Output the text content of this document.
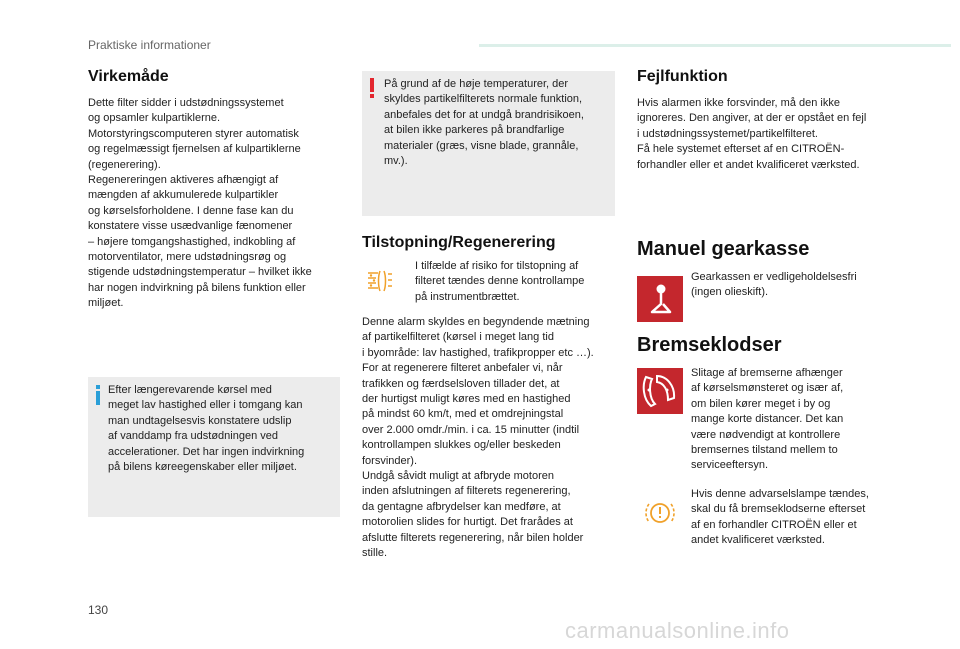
Praktiske informationer
Virkemåde
Dette filter sidder i udstødningssystemet
og opsamler kulpartiklerne.
Motorstyringscomputeren styrer automatisk
og regelmæssigt fjernelsen af kulpartiklerne
(regenerering).
Regenereringen aktiveres afhængigt af
mængden af akkumulerede kulpartikler
og kørselsforholdene. I denne fase kan du
konstatere visse usædvanlige fænomener
– højere tomgangshastighed, indkobling af
motorventilator, mere udstødningsrøg og
stigende udstødningstemperatur – hvilket ikke
har nogen indvirkning på bilens funktion eller
miljøet.
Efter længerevarende kørsel med
meget lav hastighed eller i tomgang kan
man undtagelsesvis konstatere udslip
af vanddamp fra udstødningen ved
accelerationer. Det har ingen indvirkning
på bilens køreegenskaber eller miljøet.
På grund af de høje temperaturer, der
skyldes partikelfilterets normale funktion,
anbefales det for at undgå brandrisikoen,
at bilen ikke parkeres på brandfarlige
materialer (græs, visne blade, grannåle,
mv.).
Tilstopning/Regenerering
I tilfælde af risiko for tilstopning af
filteret tændes denne kontrollampe
på instrumentbrættet.
Denne alarm skyldes en begyndende mætning
af partikelfilteret (kørsel i meget lang tid
i byområde: lav hastighed, trafikpropper etc …).
For at regenerere filteret anbefaler vi, når
trafikken og færdselsloven tillader det, at
der hurtigst muligt køres med en hastighed
på mindst 60 km/t, med et omdrejningstal
over 2.000 omdr./min. i ca. 15 minutter (indtil
kontrollampen slukkes og/eller beskeden
forsvinder).
Undgå såvidt muligt at afbryde motoren
inden afslutningen af filterets regenerering,
da gentagne afbrydelser kan medføre, at
motorolien slides for hurtigt. Det frarådes at
afslutte filterets regenerering, når bilen holder
stille.
Fejlfunktion
Hvis alarmen ikke forsvinder, må den ikke
ignoreres. Den angiver, at der er opstået en fejl
i udstødningssystemet/partikelfilteret.
Få hele systemet efterset af en CITROËN-
forhandler eller et andet kvalificeret værksted.
Manuel gearkasse
Gearkassen er vedligeholdelsesfri
(ingen olieskift).
Bremseklodser
Slitage af bremserne afhænger
af kørselsmønsteret og især af,
om bilen kører meget i by og
mange korte distancer. Det kan
være nødvendigt at kontrollere
bremsernes tilstand mellem to
serviceeftersyn.
Hvis denne advarselslampe tændes,
skal du få bremseklodserne efterset
af en forhandler CITROËN eller et
andet kvalificeret værksted.
130
carmanualsonline.info
